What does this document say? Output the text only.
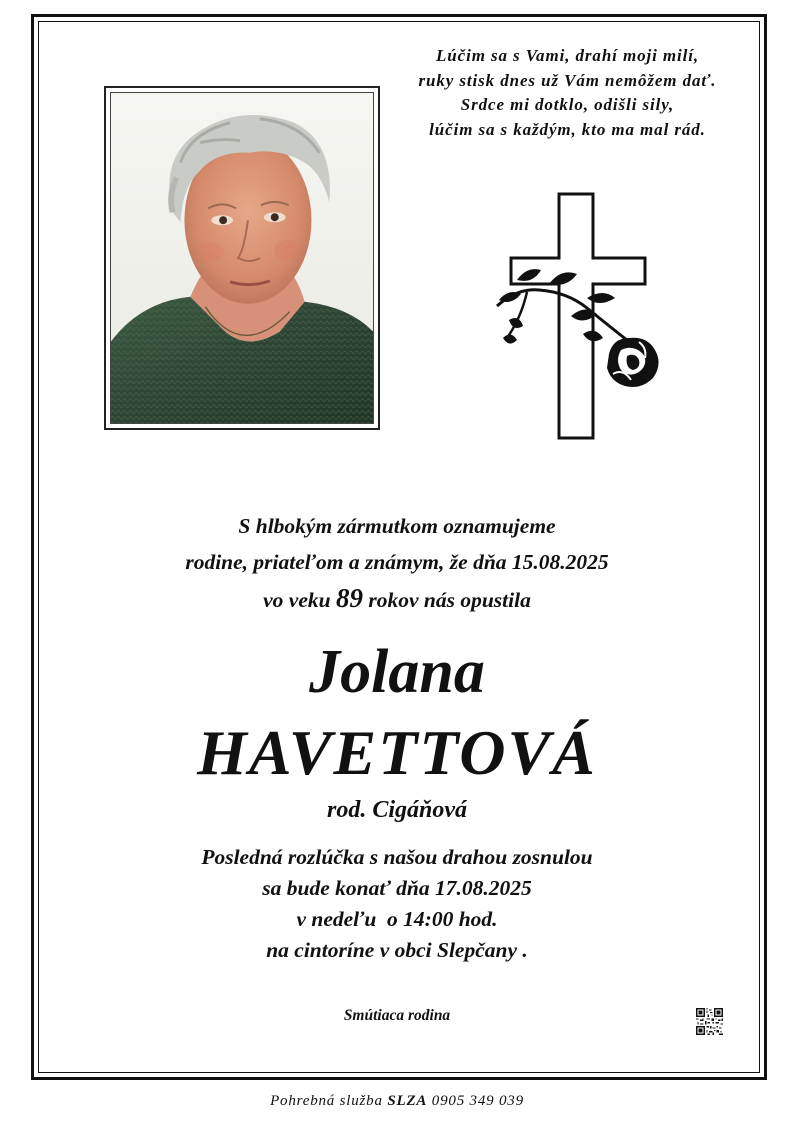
Lúčim sa s Vami, drahí moji milí,
ruky stisk dnes už Vám nemôžem dať.
Srdce mi dotklo, odišli sily,
lúčim sa s každým, kto ma mal rád.
S hlbokým zármutkom oznamujeme
rodine, priateľom a známym, že dňa 15.08.2025
vo veku 89 rokov nás opustila
Jolana
HAVETTOVÁ
rod. Cigáňová
Posledná rozlúčka s našou drahou zosnulou
sa bude konať dňa 17.08.2025
v nedeľu  o 14:00 hod.
na cintoríne v obci Slepčany .
Smútiaca rodina
Pohrebná služba SLZA 0905 349 039
